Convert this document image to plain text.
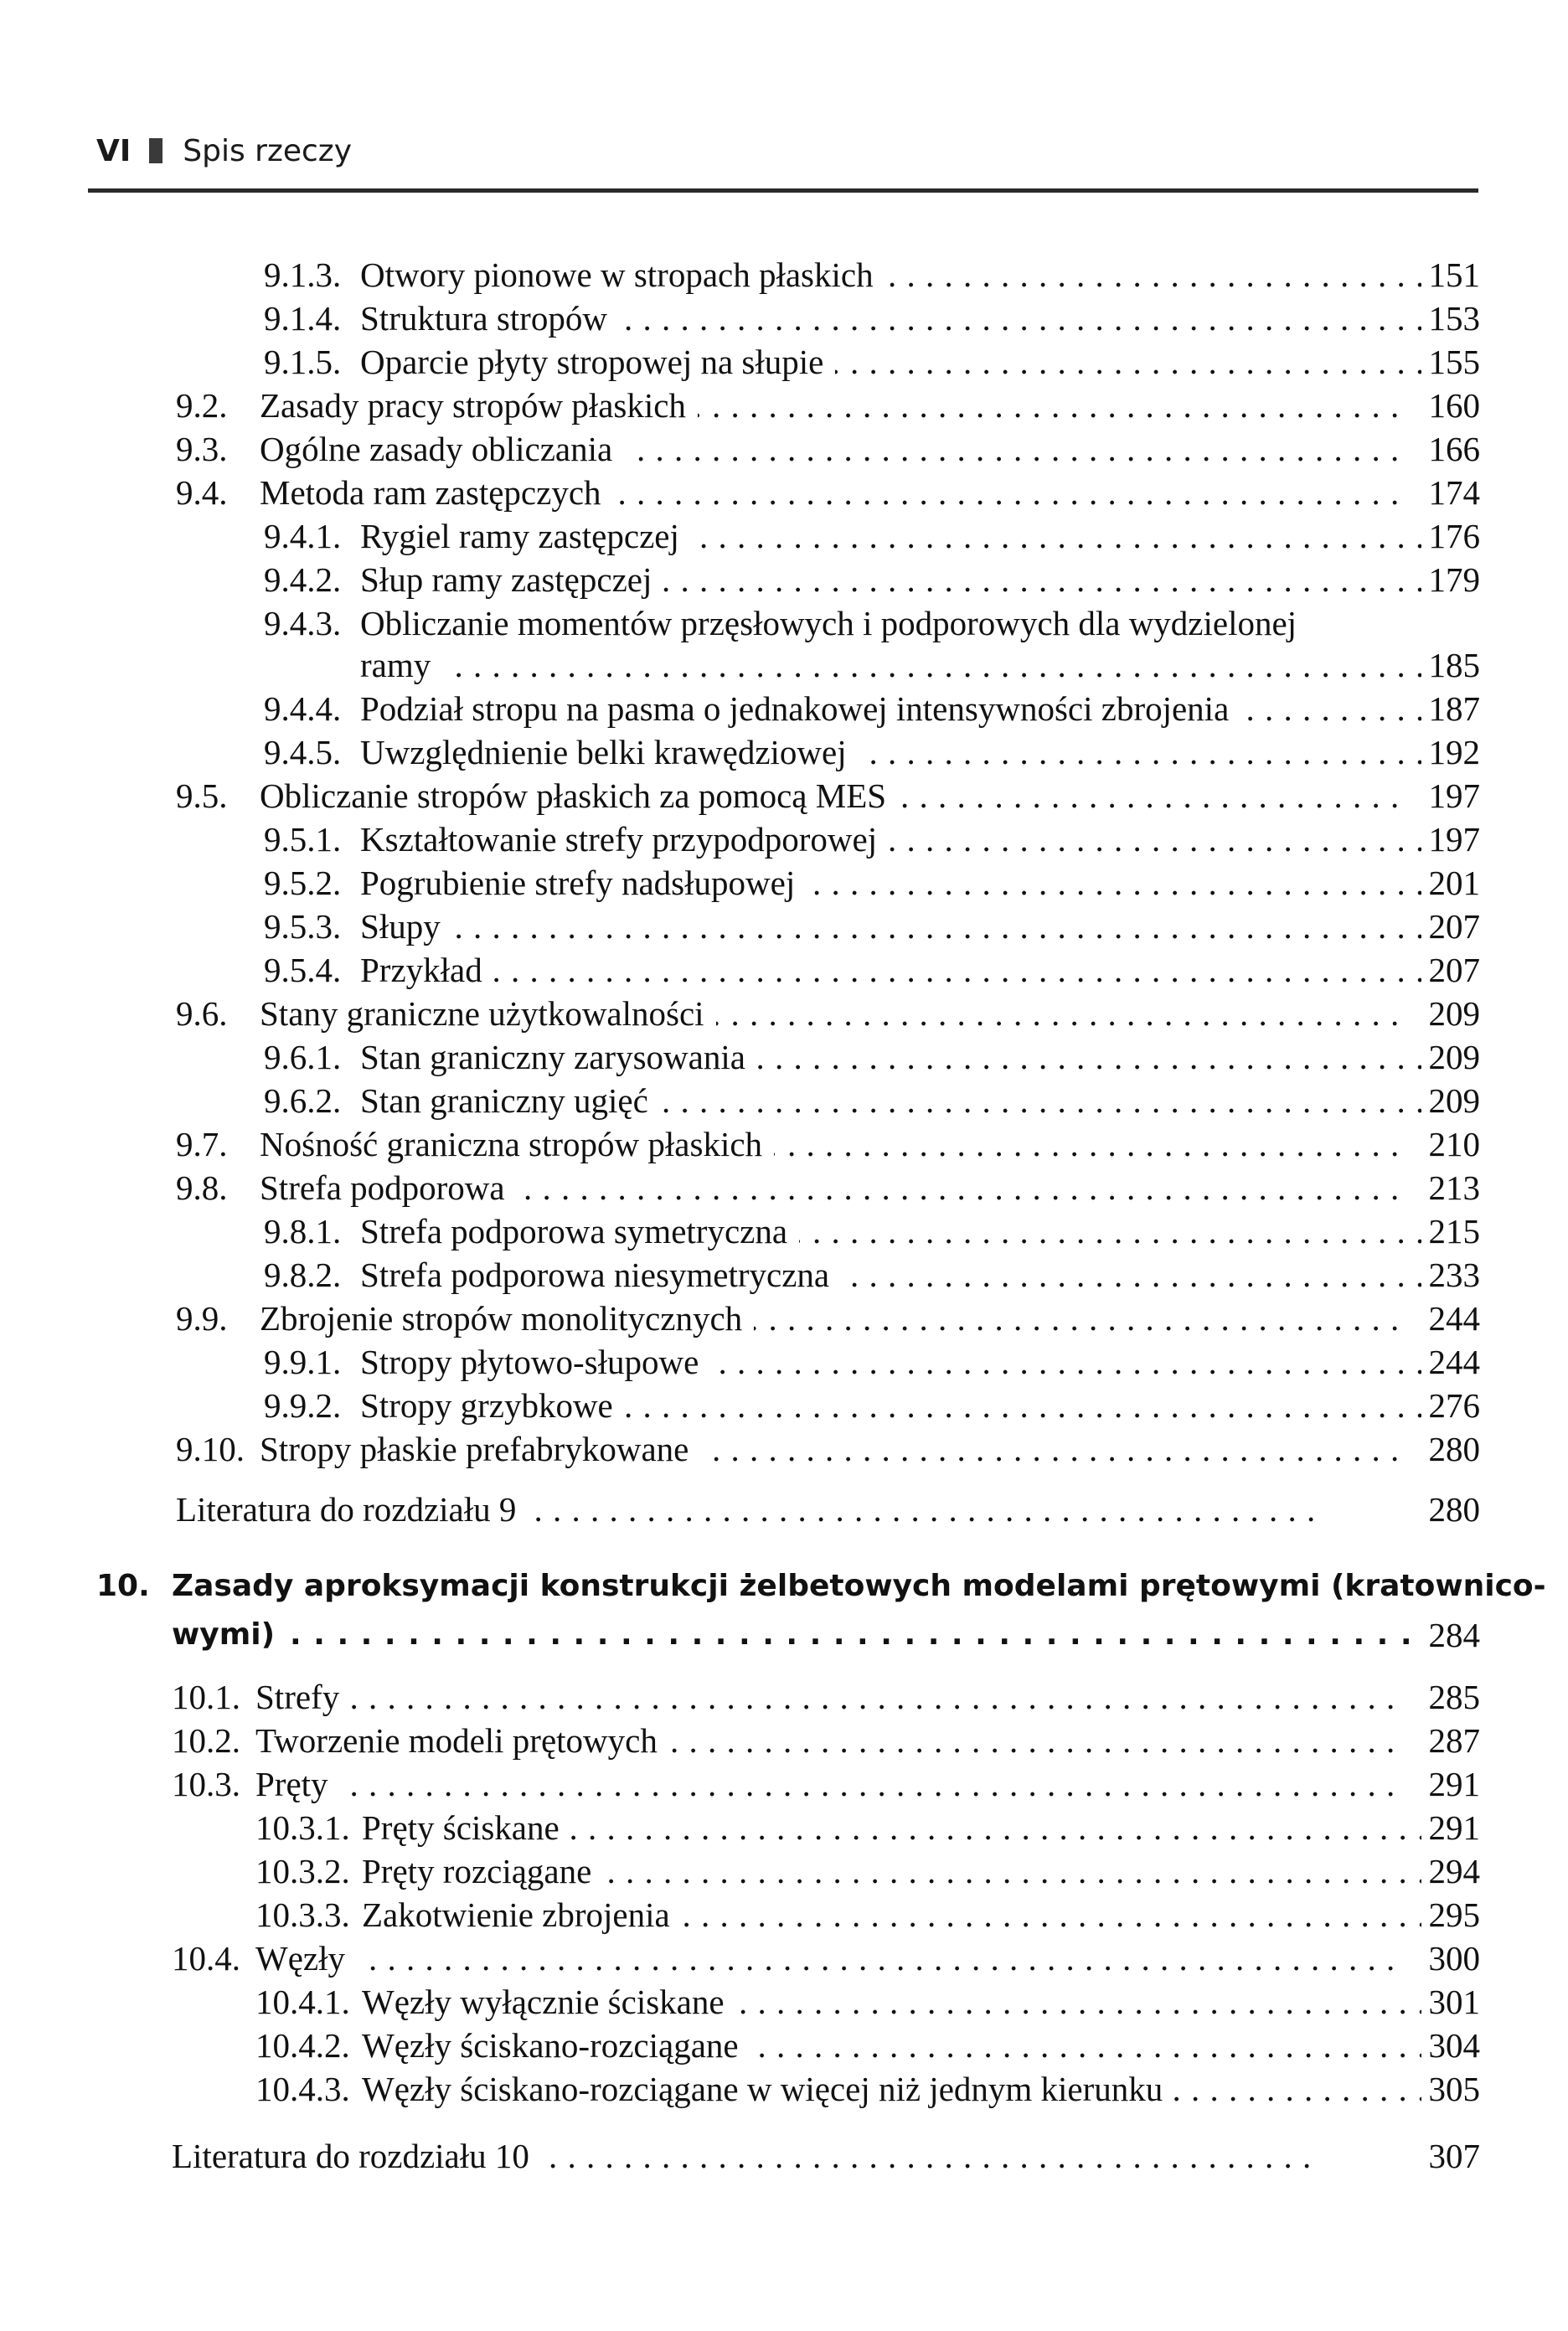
VI Spis rzeczy
9.1.3. Otwory pionowe w stropach płaskich . .	151
9.1.4. Struktura stropów . .	153
9.1.5. Oparcie płyty stropowej na słupie . .	155
9.2. Zasady pracy stropów płaskich . .	160
9.3. Ogólne zasady obliczania . .	166
9.4. Metoda ram zastępczych . .	174
9.4.1. Rygiel ramy zastępczej . .	176
9.4.2. Słup ramy zastępczej . .	179
9.4.3. Obliczanie momentów przęsłowych i podporowych dla wydzielonej
ramy . .	185
9.4.4. Podział stropu na pasma o jednakowej intensywności zbrojenia . .	187
9.4.5. Uwzględnienie belki krawędziowej . .	192
9.5. Obliczanie stropów płaskich za pomocą MES . .	197
9.5.1. Kształtowanie strefy przypodporowej . .	197
9.5.2. Pogrubienie strefy nadsłupowej . .	201
9.5.3. Słupy . .	207
9.5.4. Przykład . .	207
9.6. Stany graniczne użytkowalności . .	209
9.6.1. Stan graniczny zarysowania . .	209
9.6.2. Stan graniczny ugięć . .	209
9.7. Nośność graniczna stropów płaskich . .	210
9.8. Strefa podporowa . .	213
9.8.1. Strefa podporowa symetryczna . .	215
9.8.2. Strefa podporowa niesymetryczna . .	233
9.9. Zbrojenie stropów monolitycznych . .	244
9.9.1. Stropy płytowo-słupowe . .	244
9.9.2. Stropy grzybkowe . .	276
9.10. Stropy płaskie prefabrykowane . .	280
Literatura do rozdziału 9 . .	280
10. Zasady aproksymacji konstrukcji żelbetowych modelami prętowymi (kratownico-
wymi) . .	284
10.1. Strefy . .	285
10.2. Tworzenie modeli prętowych . .	287
10.3. Pręty . .	291
10.3.1. Pręty ściskane . .	291
10.3.2. Pręty rozciągane . .	294
10.3.3. Zakotwienie zbrojenia . .	295
10.4. Węzły . .	300
10.4.1. Węzły wyłącznie ściskane . .	301
10.4.2. Węzły ściskano-rozciągane . .	304
10.4.3. Węzły ściskano-rozciągane w więcej niż jednym kierunku . .	305
Literatura do rozdziału 10 . .	307
